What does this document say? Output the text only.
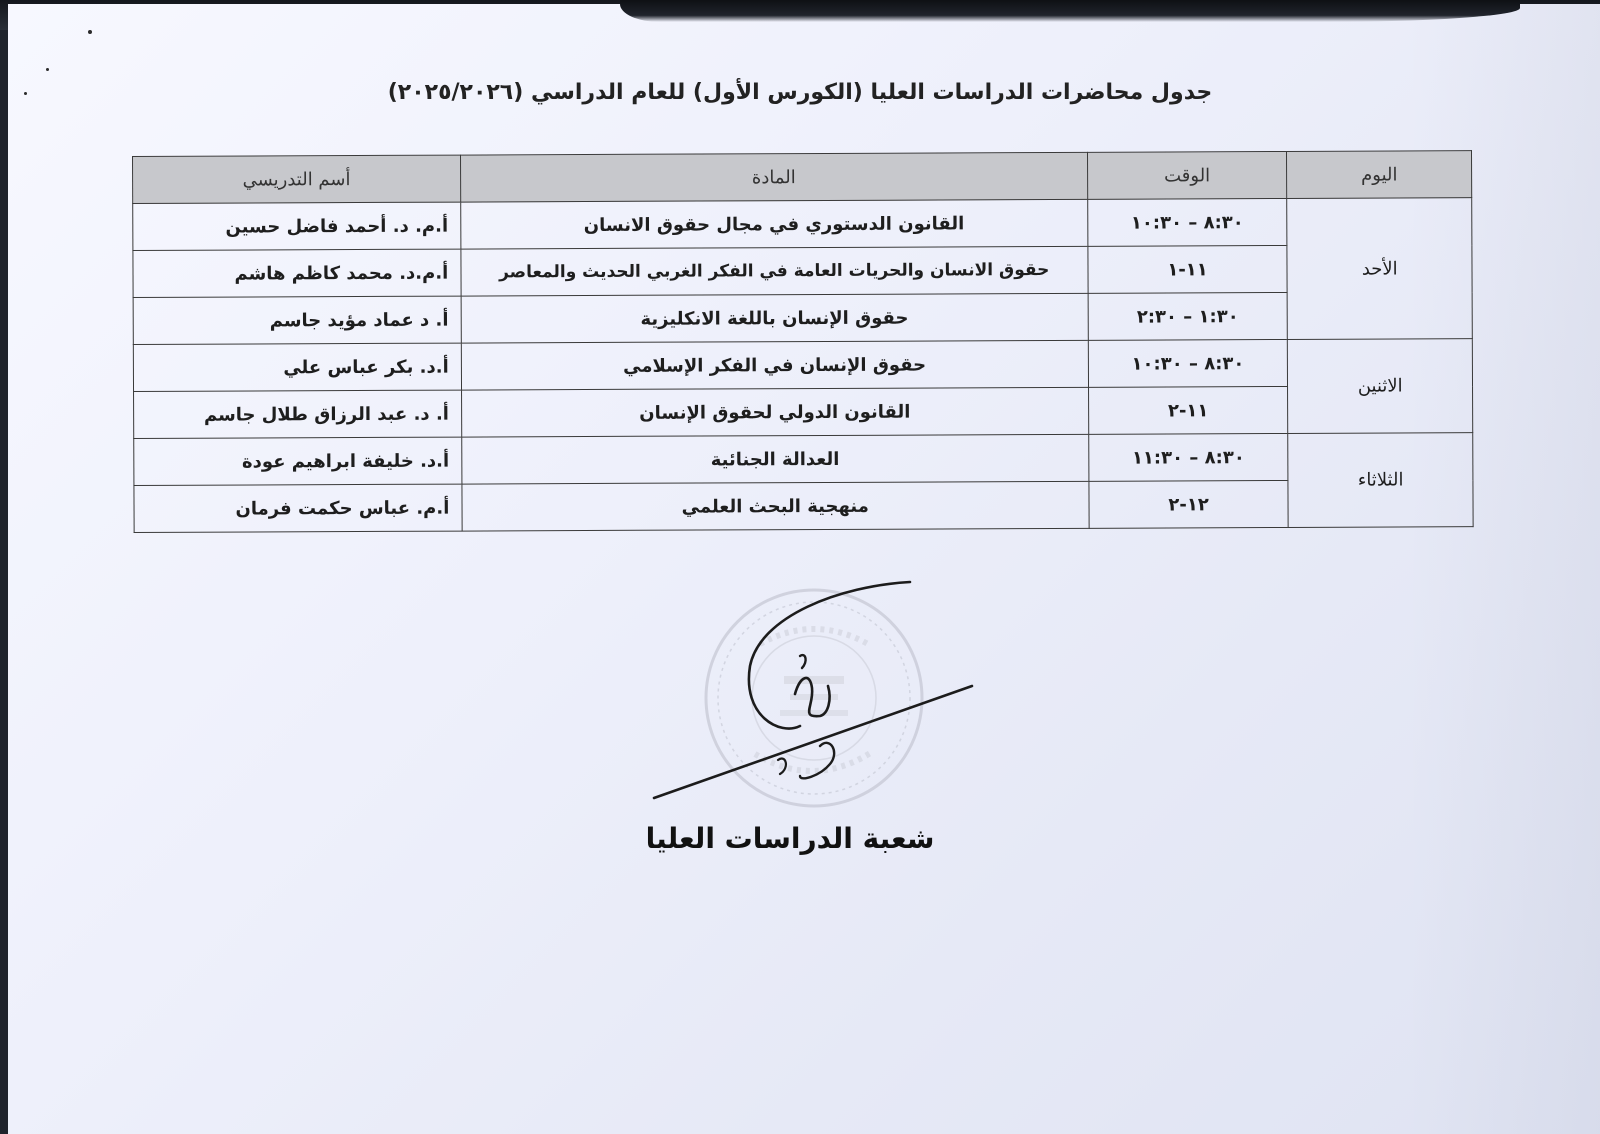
جدول محاضرات الدراسات العليا (الكورس الأول) للعام الدراسي (٢٠٢٥/٢٠٢٦)
اليوم	الوقت	المادة	أسم التدريسي
الأحد	٨:٣٠ – ١٠:٣٠	القانون الدستوري في مجال حقوق الانسان	أ.م. د. أحمد فاضل حسين
	١١-١	حقوق الانسان والحريات العامة في الفكر الغربي الحديث والمعاصر	أ.م.د. محمد كاظم هاشم
	١:٣٠ – ٢:٣٠	حقوق الإنسان باللغة الانكليزية	أ. د عماد مؤيد جاسم
الاثنين	٨:٣٠ – ١٠:٣٠	حقوق الإنسان في الفكر الإسلامي	أ.د. بكر عباس علي
	١١-٢	القانون الدولي لحقوق الإنسان	أ. د. عبد الرزاق طلال جاسم
الثلاثاء	٨:٣٠ – ١١:٣٠	العدالة الجنائية	أ.د. خليفة ابراهيم عودة
	١٢-٢	منهجية البحث العلمي	أ.م. عباس حكمت فرمان
شعبة الدراسات العليا
